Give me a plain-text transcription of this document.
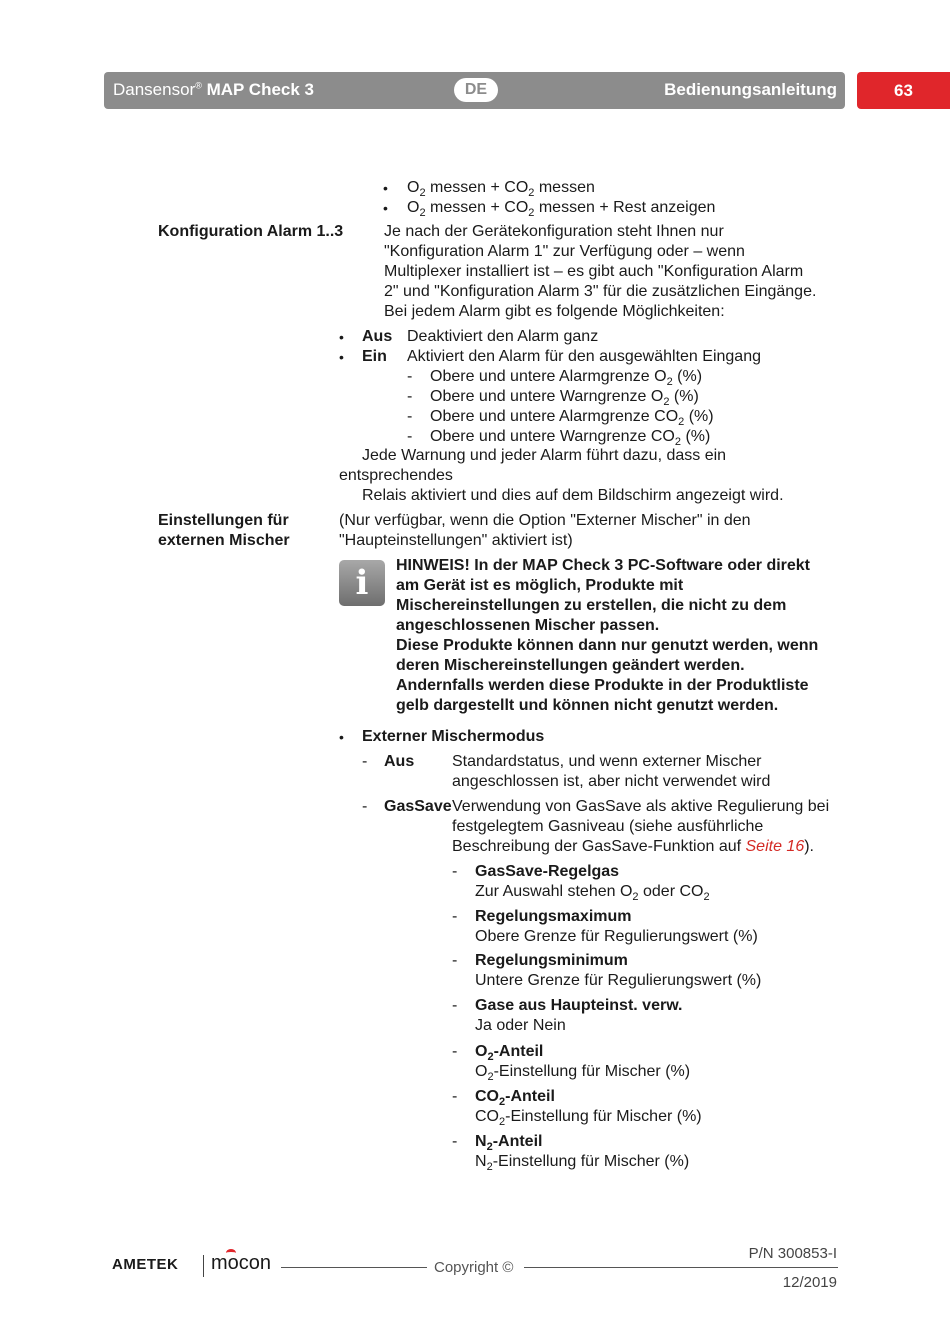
Dansensor® MAP Check 3	DE	Bedienungsanleitung	63
• $O_2$ messen + $CO_2$ messen
• $O_2$ messen + $CO_2$ messen + Rest anzeigen
Konfiguration Alarm 1..3	Je nach der Gerätekonfiguration steht Ihnen nur
"Konfiguration Alarm 1" zur Verfügung oder – wenn
Multiplexer installiert ist – es gibt auch "Konfiguration Alarm
2" und "Konfiguration Alarm 3" für die zusätzlichen Eingänge.
Bei jedem Alarm gibt es folgende Möglichkeiten:
• Aus Deaktiviert den Alarm ganz
• Ein Aktiviert den Alarm für den ausgewählten Eingang
- Obere und untere Alarmgrenze $O_2$ (%)
- Obere und untere Warngrenze $O_2$ (%)
- Obere und untere Alarmgrenze $CO_2$ (%)
- Obere und untere Warngrenze $CO_2$ (%)
Jede Warnung und jeder Alarm führt dazu, dass ein
entsprechendes
Relais aktiviert und dies auf dem Bildschirm angezeigt wird.
Einstellungen für
externen Mischer
(Nur verfügbar, wenn die Option "Externer Mischer" in den
"Haupteinstellungen" aktiviert ist)
i	HINWEIS! In der MAP Check 3 PC-Software oder direkt
am Gerät ist es möglich, Produkte mit
Mischereinstellungen zu erstellen, die nicht zu dem
angeschlossenen Mischer passen.
Diese Produkte können dann nur genutzt werden, wenn
deren Mischereinstellungen geändert werden.
Andernfalls werden diese Produkte in der Produktliste
gelb dargestellt und können nicht genutzt werden.
• Externer Mischermodus
- Aus Standardstatus, und wenn externer Mischer
angeschlossen ist, aber nicht verwendet wird
- GasSave Verwendung von GasSave als aktive Regulierung bei
festgelegtem Gasniveau (siehe ausführliche
Beschreibung der GasSave-Funktion auf Seite 16).
- GasSave-Regelgas
Zur Auswahl stehen $O_2$ oder $CO_2$
- Regelungsmaximum
Obere Grenze für Regulierungswert (%)
- Regelungsminimum
Untere Grenze für Regulierungswert (%)
- Gase aus Haupteinst. verw.
Ja oder Nein
- $O_2$-Anteil
$O_2$-Einstellung für Mischer (%)
- $CO_2$-Anteil
$CO_2$-Einstellung für Mischer (%)
- $N_2$-Anteil
$N_2$-Einstellung für Mischer (%)
AMETEK mocon	Copyright ©
P/N 300853-I
12/2019
